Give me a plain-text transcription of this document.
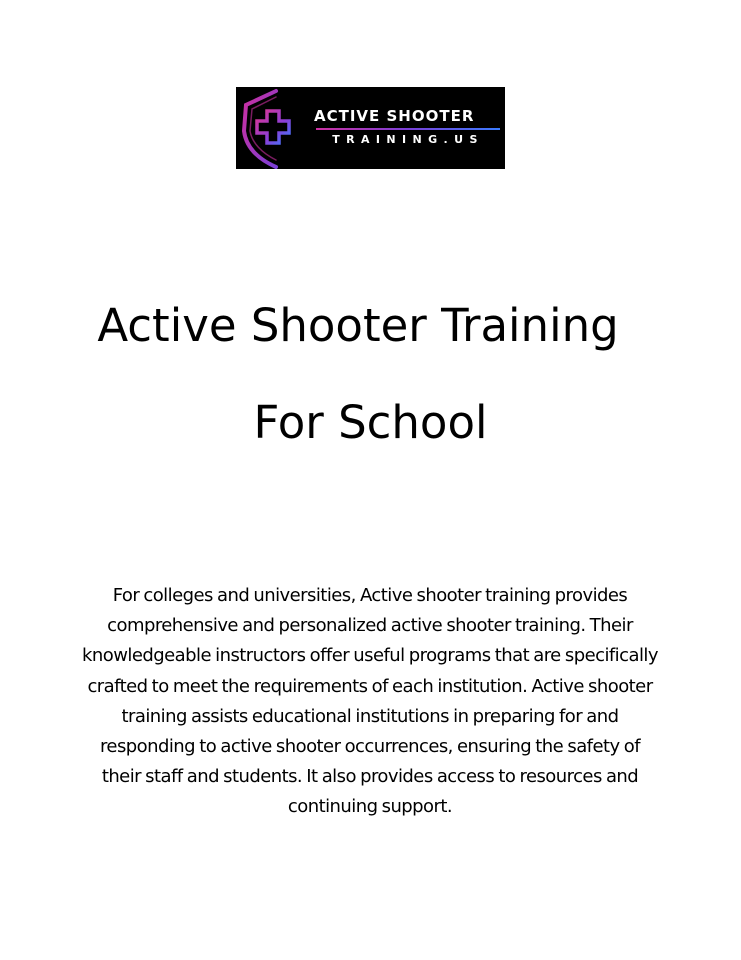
ACTIVE SHOOTER
TRAINING.US
Active Shooter Training
For School
For colleges and universities, Active shooter training provides comprehensive and personalized active shooter training. Their knowledgeable instructors offer useful programs that are specifically crafted to meet the requirements of each institution. Active shooter training assists educational institutions in preparing for and responding to active shooter occurrences, ensuring the safety of their staff and students. It also provides access to resources and continuing support.
